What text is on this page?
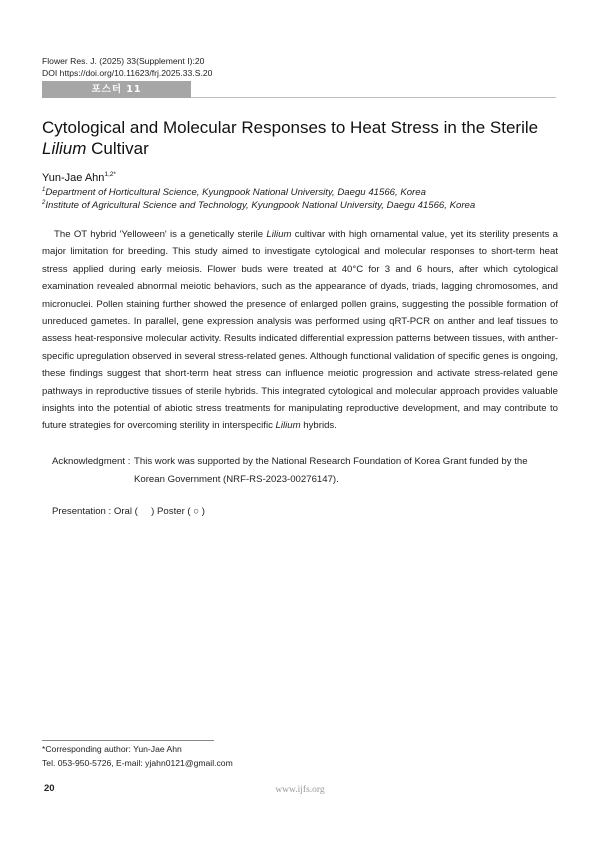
Flower Res. J. (2025) 33(Supplement I):20
DOI https://doi.org/10.11623/frj.2025.33.S.20
포스터 11
Cytological and Molecular Responses to Heat Stress in the Sterile
Lilium Cultivar
Yun-Jae Ahn$^{1,2*}$
$^1$Department of Horticultural Science, Kyungpook National University, Daegu 41566, Korea
$^2$Institute of Agricultural Science and Technology, Kyungpook National University, Daegu 41566, Korea

The OT hybrid 'Yelloween' is a genetically sterile Lilium cultivar with high ornamental value, yet its sterility presents a major limitation for breeding. This study aimed to investigate cytological and molecular responses to short-term heat stress applied during early meiosis. Flower buds were treated at 40°C for 3 and 6 hours, after which cytological examination revealed abnormal meiotic behaviors, such as the appearance of dyads, triads, lagging chromosomes, and micronuclei. Pollen staining further showed the presence of enlarged pollen grains, suggesting the possible formation of unreduced gametes. In parallel, gene expression analysis was performed using qRT-PCR on anther and leaf tissues to assess heat-responsive molecular activity. Results indicated differential expression patterns between tissues, with anther-specific upregulation observed in several stress-related genes. Although functional validation of specific genes is ongoing, these findings suggest that short-term heat stress can influence meiotic progression and activate stress-related gene pathways in reproductive tissues of sterile hybrids. This integrated cytological and molecular approach provides valuable insights into the potential of abiotic stress treatments for manipulating reproductive development, and may contribute to future strategies for overcoming sterility in interspecific Lilium hybrids.

Acknowledgment : This work was supported by the National Research Foundation of Korea Grant funded by the Korean Government (NRF-RS-2023-00276147).
Presentation : Oral (     ) Poster ( ○ )
*Corresponding author: Yun-Jae Ahn
Tel. 053-950-5726, E-mail: yjahn0121@gmail.com
20	www.ijfs.org
